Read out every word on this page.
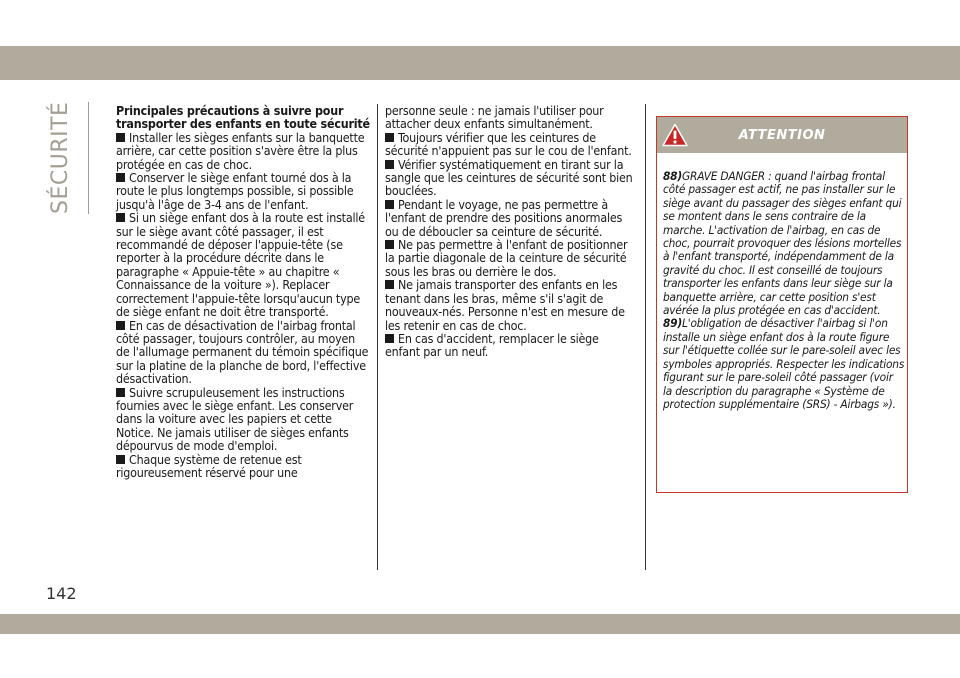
SÉCURITÉ	Principales précautions à suivre pour transporter des enfants en toute sécurité

Installer les sièges enfants sur la banquette arrière, car cette position s'avère être la plus protégée en cas de choc.

Conserver le siège enfant tourné dos à la route le plus longtemps possible, si possible jusqu'à l'âge de 3-4 ans de l'enfant.

Si un siège enfant dos à la route est installé sur le siège avant côté passager, il est recommandé de déposer l'appuie-tête (se reporter à la procédure décrite dans le paragraphe « Appuie-tête » au chapitre « Connaissance de la voiture »). Replacer correctement l'appuie-tête lorsqu'aucun type de siège enfant ne doit être transporté.

En cas de désactivation de l'airbag frontal côté passager, toujours contrôler, au moyen de l'allumage permanent du témoin spécifique sur la platine de la planche de bord, l'effective désactivation.

Suivre scrupuleusement les instructions fournies avec le siège enfant. Les conserver dans la voiture avec les papiers et cette Notice. Ne jamais utiliser de sièges enfants dépourvus de mode d'emploi.

Chaque système de retenue est rigoureusement réservé pour une

personne seule : ne jamais l'utiliser pour attacher deux enfants simultanément.

Toujours vérifier que les ceintures de sécurité n'appuient pas sur le cou de l'enfant.

Vérifier systématiquement en tirant sur la sangle que les ceintures de sécurité sont bien bouclées.

Pendant le voyage, ne pas permettre à l'enfant de prendre des positions anormales ou de déboucler sa ceinture de sécurité.

Ne pas permettre à l'enfant de positionner la partie diagonale de la ceinture de sécurité sous les bras ou derrière le dos.

Ne jamais transporter des enfants en les tenant dans les bras, même s'il s'agit de nouveaux-nés. Personne n'est en mesure de les retenir en cas de choc.

En cas d'accident, remplacer le siège enfant par un neuf.

ATTENTION

88)GRAVE DANGER : quand l'airbag frontal côté passager est actif, ne pas installer sur le siège avant du passager des sièges enfant qui se montent dans le sens contraire de la marche. L'activation de l'airbag, en cas de choc, pourrait provoquer des lésions mortelles à l'enfant transporté, indépendamment de la gravité du choc. Il est conseillé de toujours transporter les enfants dans leur siège sur la banquette arrière, car cette position s'est avérée la plus protégée en cas d'accident.

89)L'obligation de désactiver l'airbag si l'on installe un siège enfant dos à la route figure sur l'étiquette collée sur le pare-soleil avec les symboles appropriés. Respecter les indications figurant sur le pare-soleil côté passager (voir la description du paragraphe « Système de protection supplémentaire (SRS) - Airbags »).

142
